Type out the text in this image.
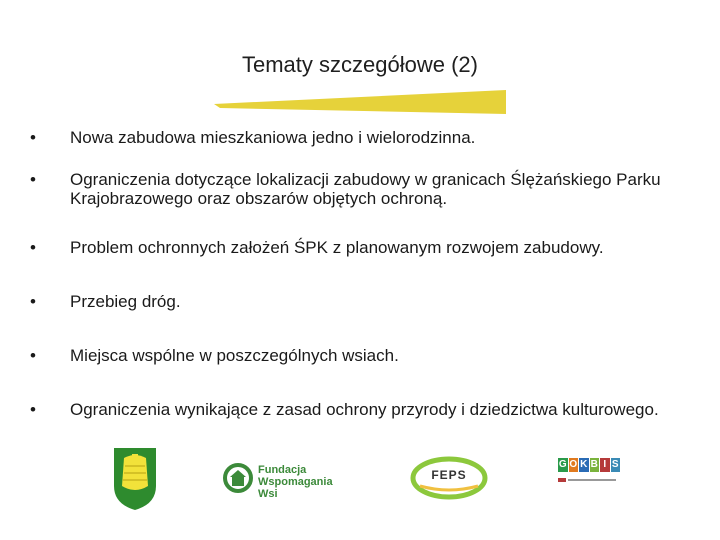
Tematy szczegółowe (2)
• Nowa zabudowa mieszkaniowa jedno i wielorodzinna.
• Ograniczenia dotyczące lokalizacji zabudowy w granicach Ślężańskiego Parku Krajobrazowego oraz obszarów objętych ochroną.
• Problem ochronnych założeń ŚPK z planowanym rozwojem zabudowy.
• Przebieg dróg.
• Miejsca wspólne w poszczególnych wsiach.
• Ograniczenia wynikające z zasad ochrony przyrody i dziedzictwa kulturowego.
Fundacja
Wspomagania Wsi
FEPS
G O K B I S
